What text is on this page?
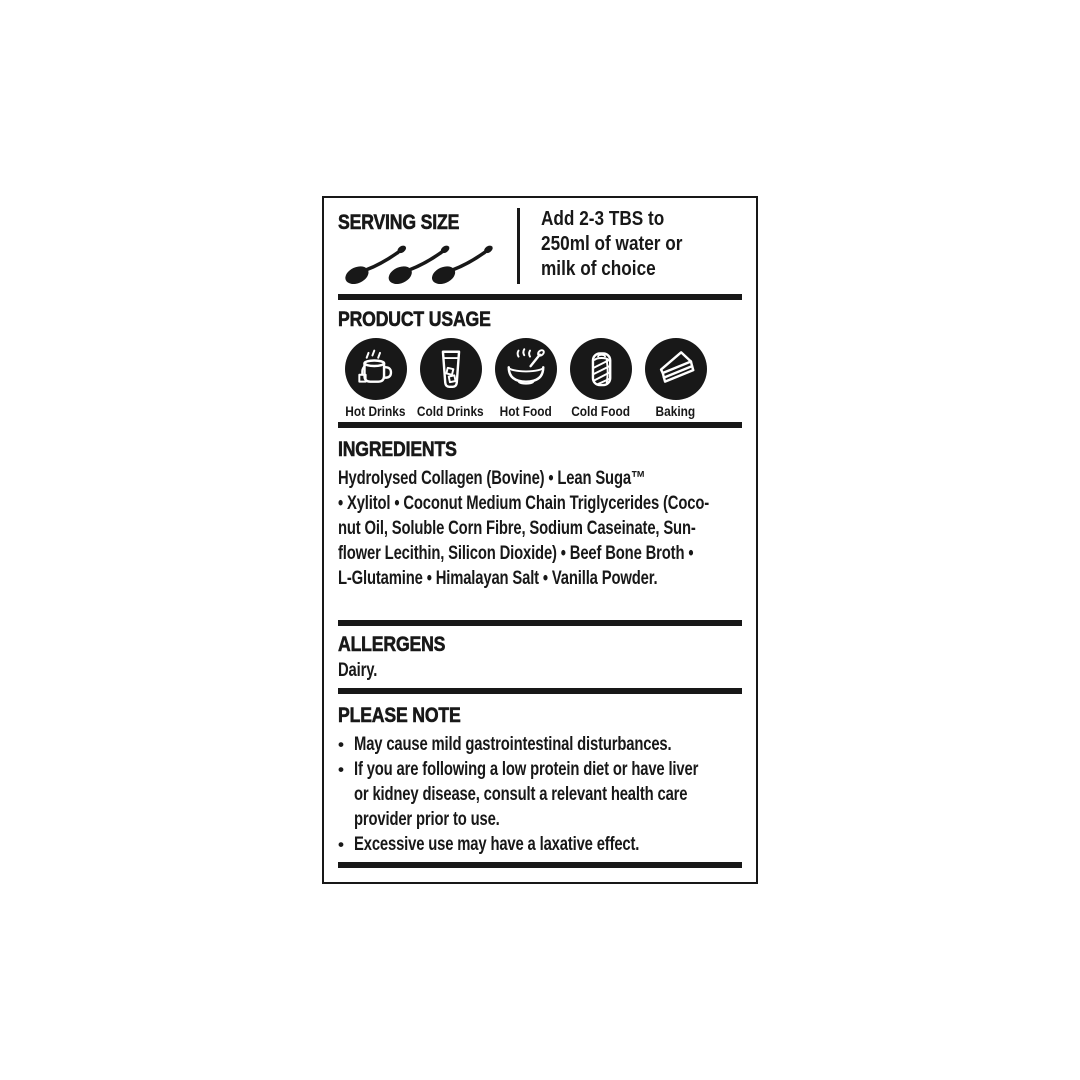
SERVING SIZE	Add 2-3 TBS to
250ml of water or
milk of choice
PRODUCT USAGE
Hot Drinks Cold Drinks Hot Food Cold Food Baking
INGREDIENTS
Hydrolysed Collagen (Bovine) • Lean Suga™
• Xylitol • Coconut Medium Chain Triglycerides (Coco-
nut Oil, Soluble Corn Fibre, Sodium Caseinate, Sun-
flower Lecithin, Silicon Dioxide) • Beef Bone Broth •
L-Glutamine • Himalayan Salt • Vanilla Powder.
ALLERGENS
Dairy.
PLEASE NOTE
• May cause mild gastrointestinal disturbances.
• If you are following a low protein diet or have liver
or kidney disease, consult a relevant health care
provider prior to use.
• Excessive use may have a laxative effect.
